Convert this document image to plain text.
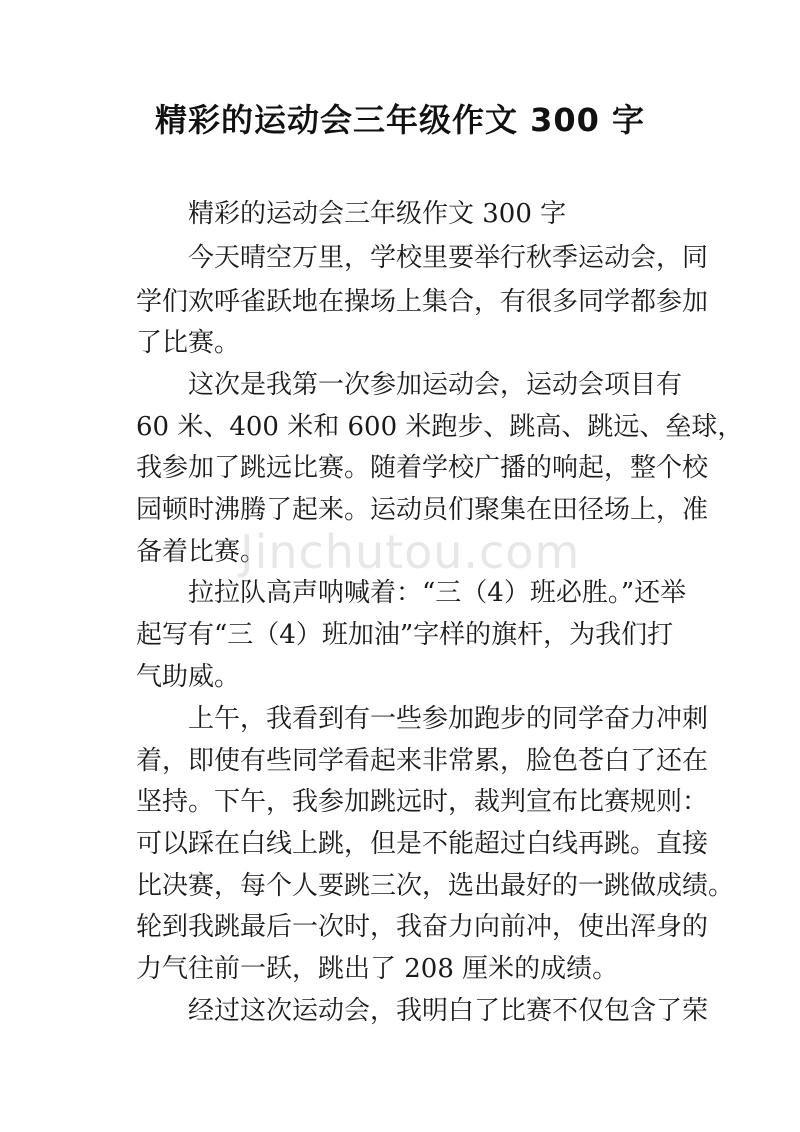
精彩的运动会三年级作文 300 字
　　精彩的运动会三年级作文 300 字
　　今天晴空万里，学校里要举行秋季运动会，同
学们欢呼雀跃地在操场上集合，有很多同学都参加
了比赛。
　　这次是我第一次参加运动会，运动会项目有
60 米、400 米和 600 米跑步、跳高、跳远、垒球，
我参加了跳远比赛。随着学校广播的响起，整个校
园顿时沸腾了起来。运动员们聚集在田径场上，准
备着比赛。
　　拉拉队高声呐喊着：“三（4）班必胜。”还举
起写有“三（4）班加油”字样的旗杆，为我们打
气助威。
　　上午，我看到有一些参加跑步的同学奋力冲刺
着，即使有些同学看起来非常累，脸色苍白了还在
坚持。下午，我参加跳远时，裁判宣布比赛规则：
可以踩在白线上跳，但是不能超过白线再跳。直接
比决赛，每个人要跳三次，选出最好的一跳做成绩。
轮到我跳最后一次时，我奋力向前冲，使出浑身的
力气往前一跃，跳出了 208 厘米的成绩。
　　经过这次运动会，我明白了比赛不仅包含了荣
Jinchutou.com
